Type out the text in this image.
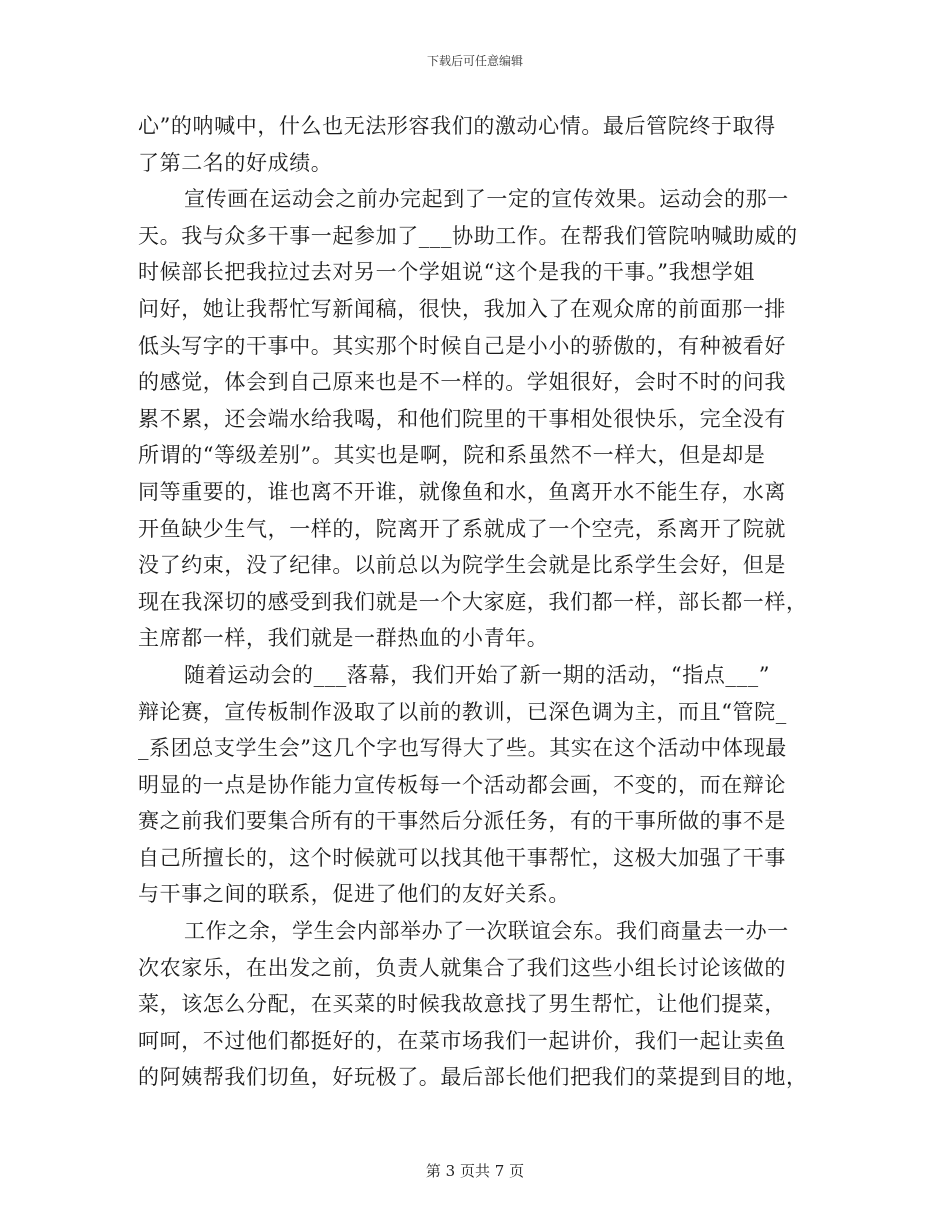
下载后可任意编辑
心”的呐喊中，什么也无法形容我们的激动心情。最后管院终于取得
了第二名的好成绩。
宣传画在运动会之前办完起到了一定的宣传效果。运动会的那一
天。我与众多干事一起参加了___协助工作。在帮我们管院呐喊助威的
时候部长把我拉过去对另一个学姐说“这个是我的干事。”我想学姐
问好，她让我帮忙写新闻稿，很快，我加入了在观众席的前面那一排
低头写字的干事中。其实那个时候自己是小小的骄傲的，有种被看好
的感觉，体会到自己原来也是不一样的。学姐很好，会时不时的问我
累不累，还会端水给我喝，和他们院里的干事相处很快乐，完全没有
所谓的“等级差别”。其实也是啊，院和系虽然不一样大，但是却是
同等重要的，谁也离不开谁，就像鱼和水，鱼离开水不能生存，水离
开鱼缺少生气，一样的，院离开了系就成了一个空壳，系离开了院就
没了约束，没了纪律。以前总以为院学生会就是比系学生会好，但是
现在我深切的感受到我们就是一个大家庭，我们都一样，部长都一样，
主席都一样，我们就是一群热血的小青年。
随着运动会的___落幕，我们开始了新一期的活动，“指点___”
辩论赛，宣传板制作汲取了以前的教训，已深色调为主，而且“管院_
_系团总支学生会”这几个字也写得大了些。其实在这个活动中体现最
明显的一点是协作能力宣传板每一个活动都会画，不变的，而在辩论
赛之前我们要集合所有的干事然后分派任务，有的干事所做的事不是
自己所擅长的，这个时候就可以找其他干事帮忙，这极大加强了干事
与干事之间的联系，促进了他们的友好关系。
工作之余，学生会内部举办了一次联谊会东。我们商量去一办一
次农家乐，在出发之前，负责人就集合了我们这些小组长讨论该做的
菜，该怎么分配，在买菜的时候我故意找了男生帮忙，让他们提菜，
呵呵，不过他们都挺好的，在菜市场我们一起讲价，我们一起让卖鱼
的阿姨帮我们切鱼，好玩极了。最后部长他们把我们的菜提到目的地，
第 3 页共 7 页
